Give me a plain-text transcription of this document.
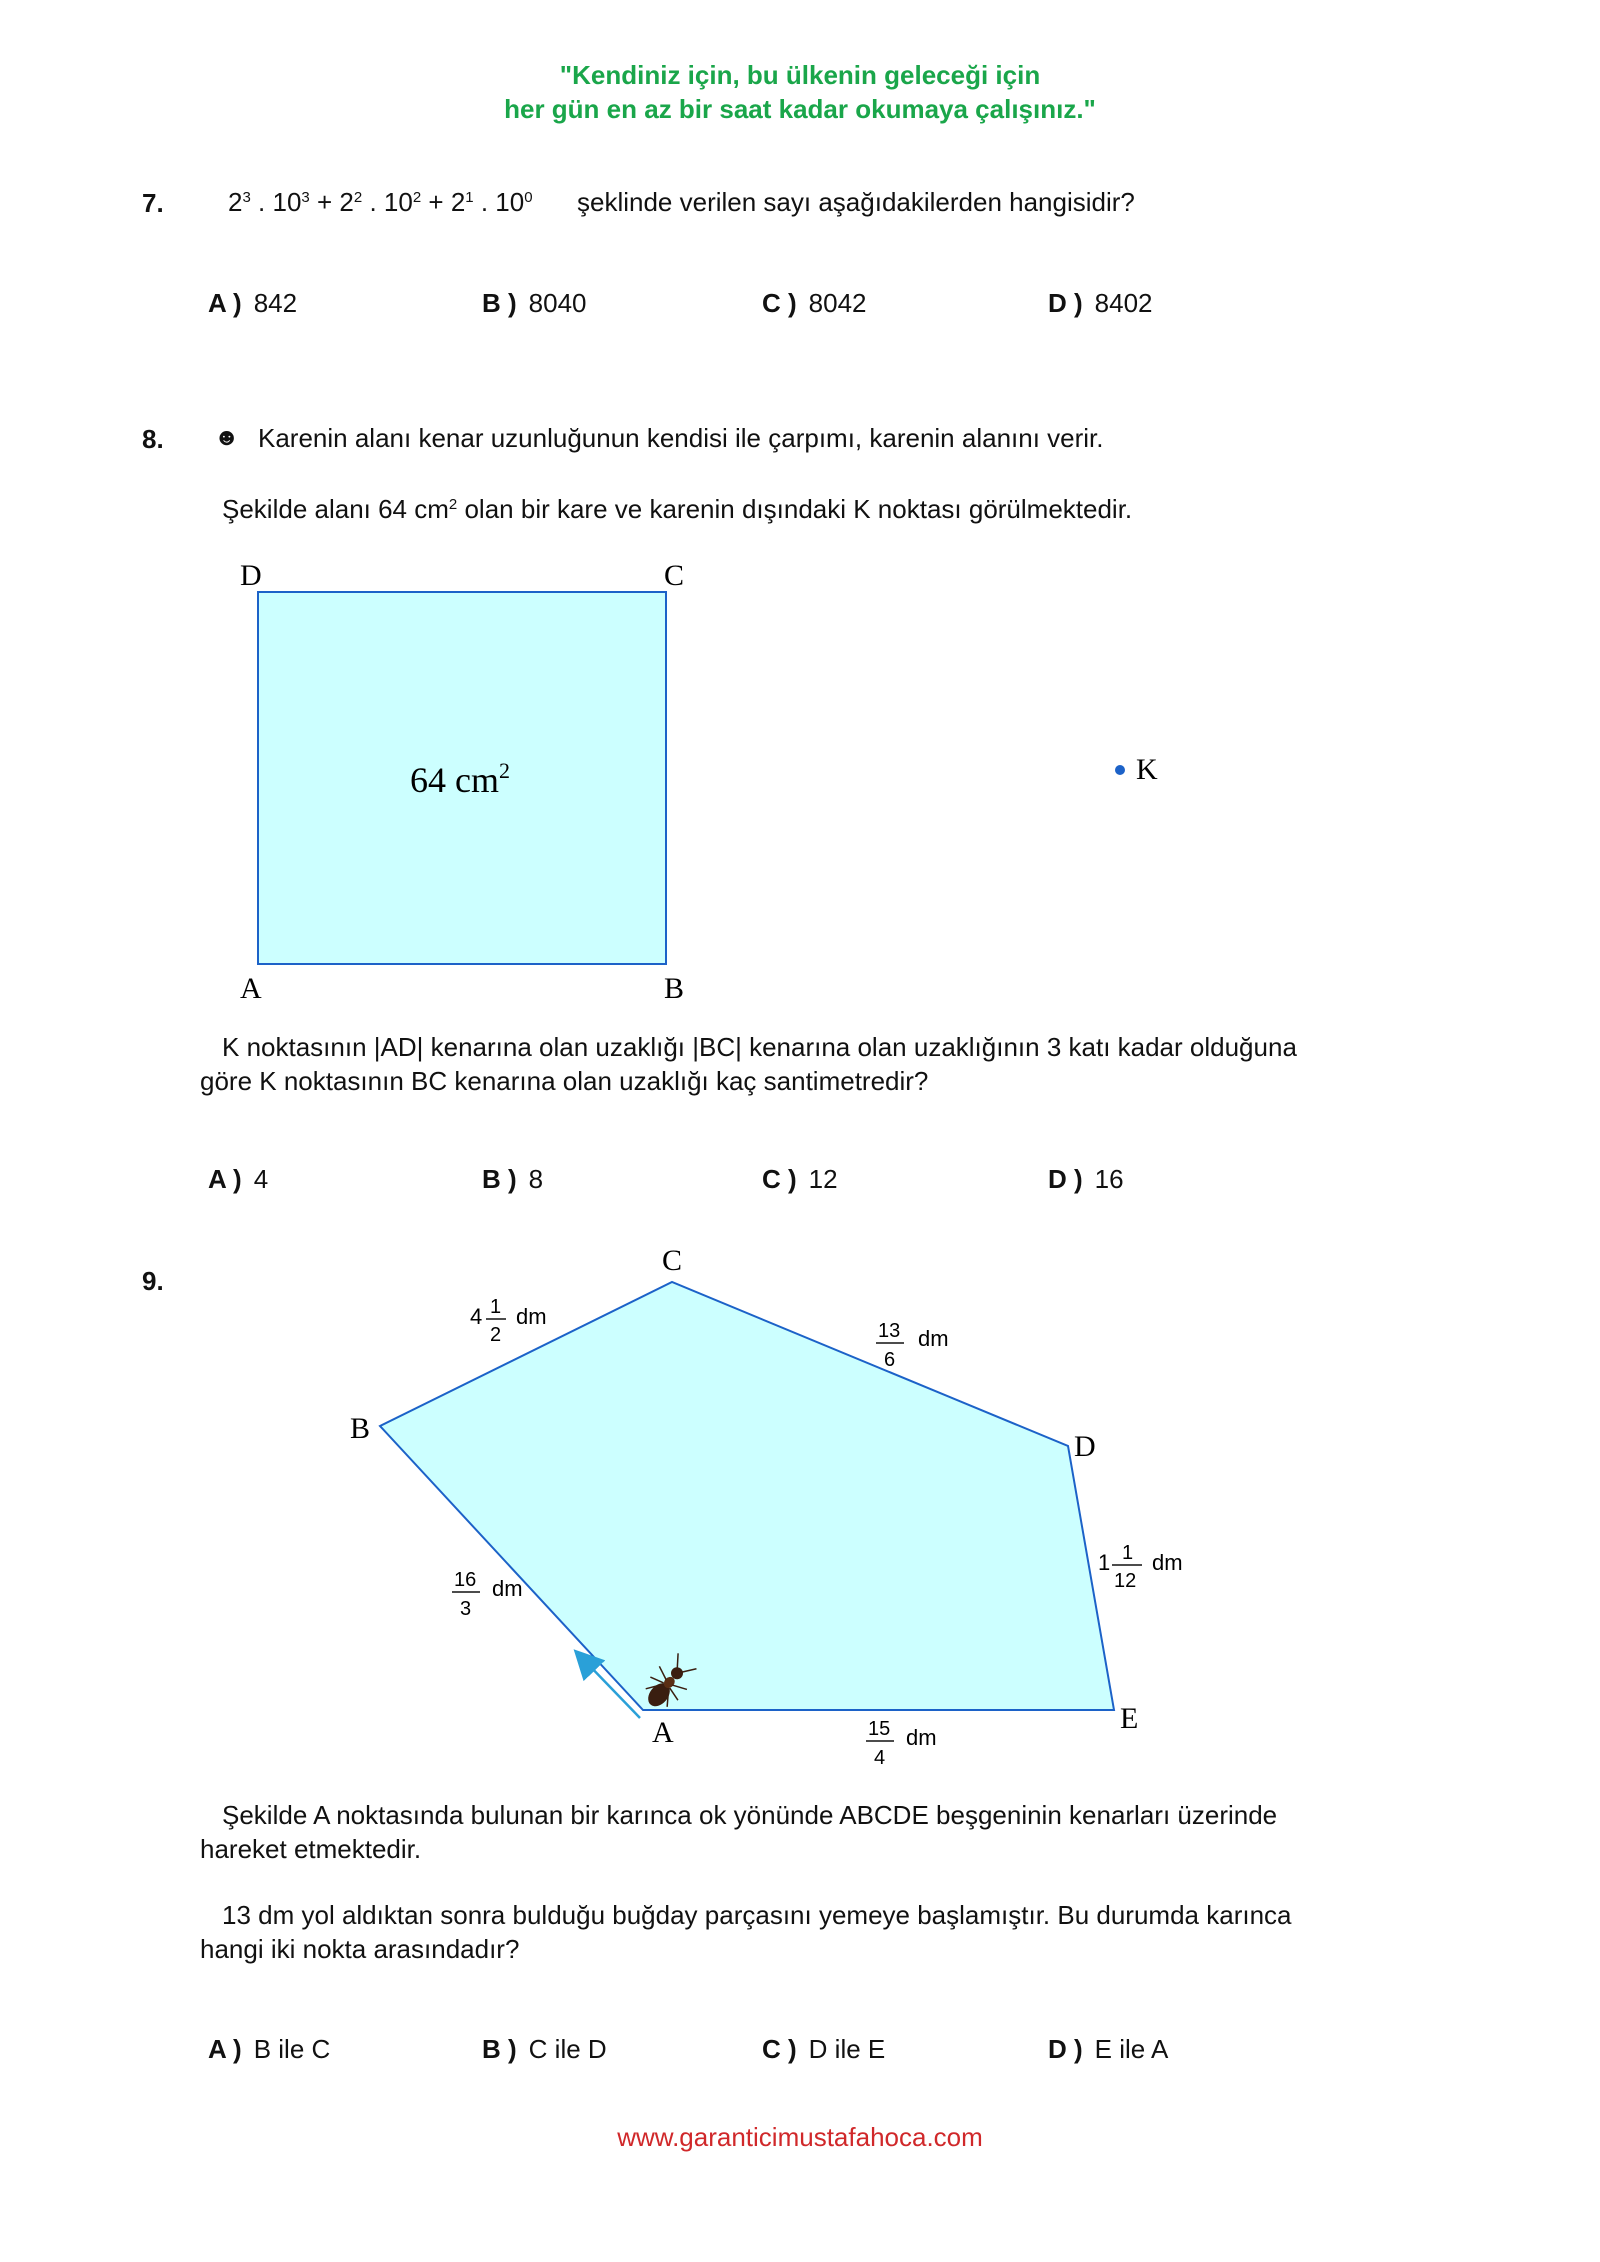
"Kendiniz için, bu ülkenin geleceği için
her gün en az bir saat kadar okumaya çalışınız."
7. $2^3$ . $10^3 + 2^2$ . $10^2 + 2^1$ . $10^0$ şeklinde verilen sayı aşağıdakilerden hangisidir?
A ) 842	B ) 8040	C ) 8042	D ) 8402
8. ☻ Karenin alanı kenar uzunluğunun kendisi ile çarpımı, karenin alanını verir.
Şekilde alanı 64 $cm^2$ olan bir kare ve karenin dışındaki K noktası görülmektedir.
D	C
A	B
64 $cm^2$	K
K noktasının |AD| kenarına olan uzaklığı |BC| kenarına olan uzaklığının 3 katı kadar olduğuna
göre K noktasının BC kenarına olan uzaklığı kaç santimetredir?
A ) 4	B ) 8	C ) 12	D ) 16
9.
C
B
D
E
A
4 1
2
dm
13
6
dm
1 1
12
dm
15
4
dm
16
3
dm
Şekilde A noktasında bulunan bir karınca ok yönünde ABCDE beşgeninin kenarları üzerinde
hareket etmektedir.
13 dm yol aldıktan sonra bulduğu buğday parçasını yemeye başlamıştır. Bu durumda karınca
hangi iki nokta arasındadır?
A ) B ile C	B ) C ile D	C ) D ile E	D ) E ile A
www.garanticimustafahoca.com
